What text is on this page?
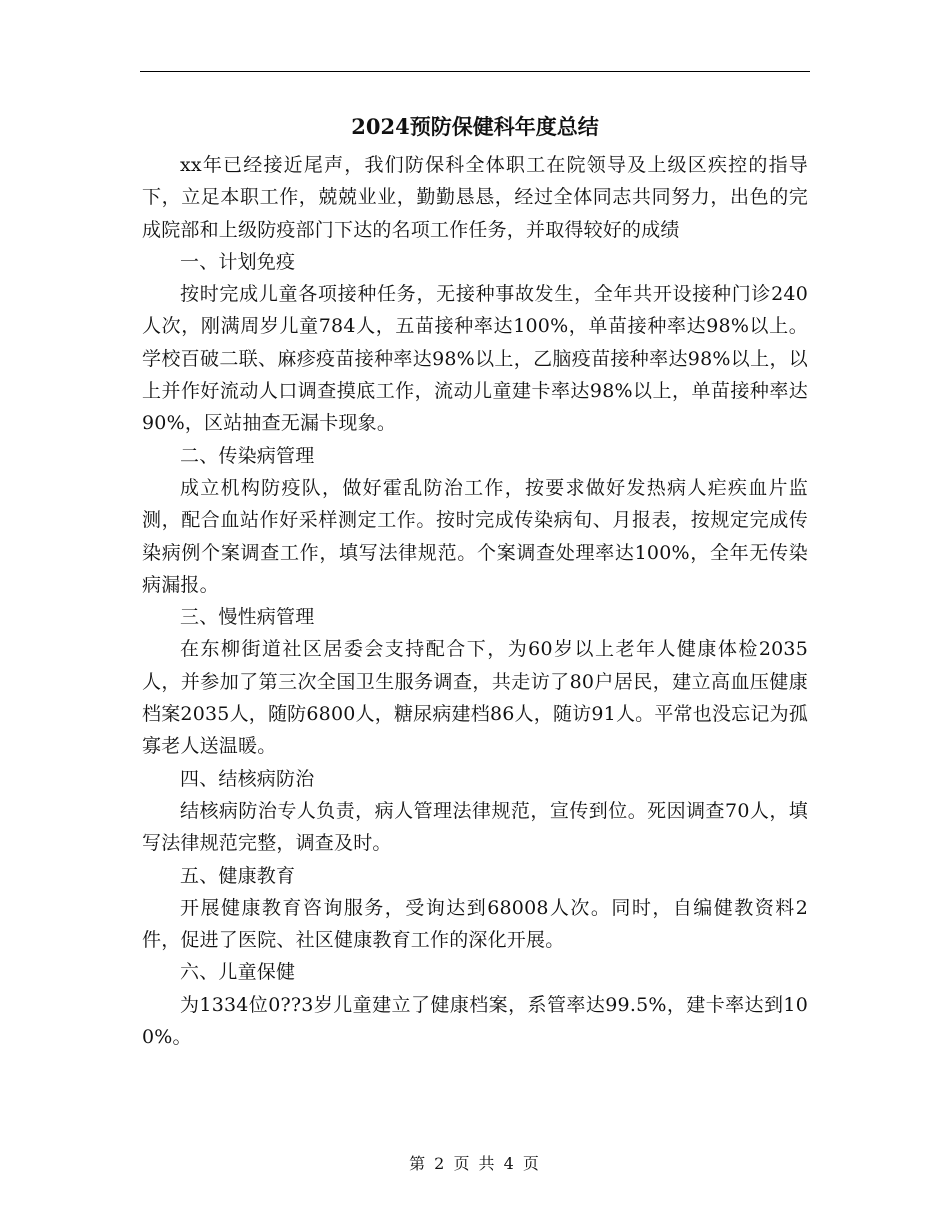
2024预防保健科年度总结

xx年已经接近尾声，我们防保科全体职工在院领导及上级区疾控的指导下，立足本职工作，兢兢业业，勤勤恳恳，经过全体同志共同努力，出色的完成院部和上级防疫部门下达的名项工作任务，并取得较好的成绩

一、计划免疫

按时完成儿童各项接种任务，无接种事故发生，全年共开设接种门诊240人次，刚满周岁儿童784人，五苗接种率达100%，单苗接种率达98%以上。学校百破二联、麻疹疫苗接种率达98%以上，乙脑疫苗接种率达98%以上，以上并作好流动人口调查摸底工作，流动儿童建卡率达98%以上，单苗接种率达90%，区站抽查无漏卡现象。

二、传染病管理

成立机构防疫队，做好霍乱防治工作，按要求做好发热病人疟疾血片监测，配合血站作好采样测定工作。按时完成传染病旬、月报表，按规定完成传染病例个案调查工作，填写法律规范。个案调查处理率达100%，全年无传染病漏报。

三、慢性病管理

在东柳街道社区居委会支持配合下，为60岁以上老年人健康体检2035人，并参加了第三次全国卫生服务调查，共走访了80户居民，建立高血压健康档案2035人，随防6800人，糖尿病建档86人，随访91人。平常也没忘记为孤寡老人送温暖。

四、结核病防治

结核病防治专人负责，病人管理法律规范，宣传到位。死因调查70人，填写法律规范完整，调查及时。

五、健康教育

开展健康教育咨询服务，受询达到68008人次。同时，自编健教资料2件，促进了医院、社区健康教育工作的深化开展。

六、儿童保健

为1334位0??3岁儿童建立了健康档案，系管率达99.5%，建卡率达到100%。

第 2 页 共 4 页
